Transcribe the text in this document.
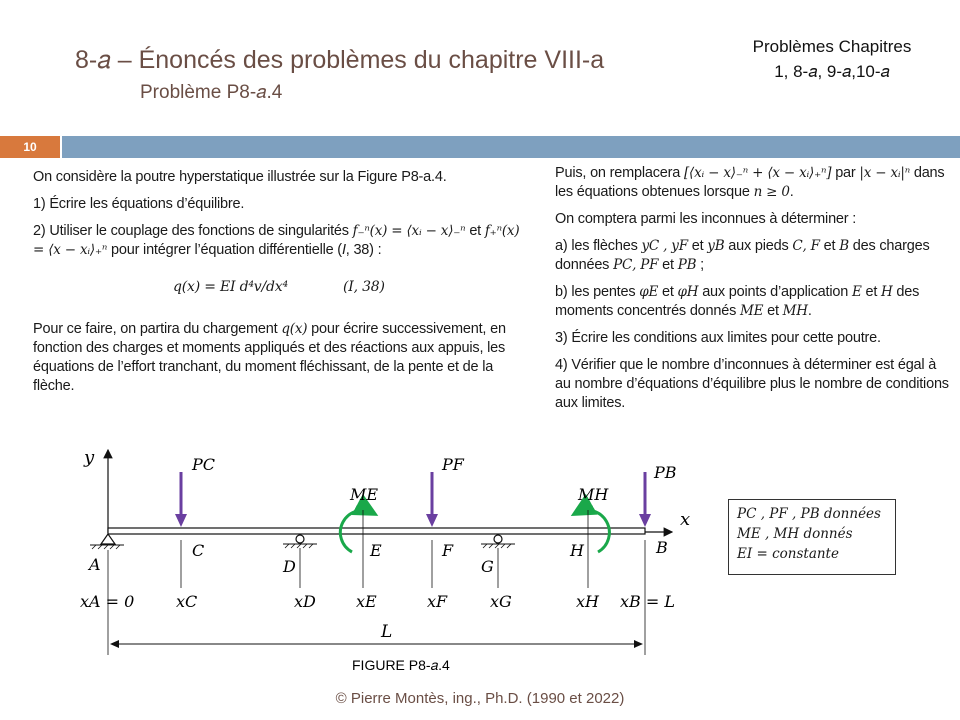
8-𝑎 – Énoncés des problèmes du chapitre VIII-a
Problème P8-𝑎.4
Problèmes Chapitres
1, 8-𝑎, 9-𝑎,10-𝑎
10

On considère la poutre hyperstatique illustrée sur la Figure P8-a.4.

1) Écrire les équations d’équilibre.

2) Utiliser le couplage des fonctions de singularités 𝑓₋ⁿ(𝑥) = ⟨𝑥ᵢ − 𝑥⟩₋ⁿ et 𝑓₊ⁿ(𝑥) = ⟨𝑥 − 𝑥ᵢ⟩₊ⁿ pour intégrer l’équation différentielle (I, 38) :

𝑞(𝑥) = 𝐸𝐼 d⁴𝑣/d𝑥⁴	(𝐼, 38)

Pour ce faire, on partira du chargement 𝑞(𝑥) pour écrire successivement, en fonction des charges et moments appliqués et des réactions aux appuis, les équations de l’effort tranchant, du moment fléchissant, de la pente et de la flèche.

Puis, on remplacera [⟨𝑥ᵢ − 𝑥⟩₋ⁿ + ⟨𝑥 − 𝑥ᵢ⟩₊ⁿ] par |𝑥 − 𝑥ᵢ|ⁿ dans les équations obtenues lorsque 𝑛 ≥ 0.

On comptera parmi les inconnues à déterminer :

a) les flèches 𝑦𝐶 , 𝑦𝐹 et 𝑦𝐵 aux pieds 𝐶, 𝐹 et 𝐵 des charges données 𝑃𝐶, 𝑃𝐹 et 𝑃𝐵 ;

b) les pentes 𝜑𝐸 et 𝜑𝐻 aux points d’application 𝐸 et 𝐻 des moments concentrés donnés 𝑀𝐸 et 𝑀𝐻.

3) Écrire les conditions aux limites pour cette poutre.

4) Vérifier que le nombre d’inconnues à déterminer est égal à au nombre d’équations d’équilibre plus le nombre de conditions aux limites.

𝑦
𝑥
𝑃𝐶	𝑃𝐹	𝑃𝐵
𝑀𝐸	𝑀𝐻
𝐴
𝐶
𝐷
𝐸	𝐹
𝐺
𝐻	𝐵
𝑥𝐴 = 0	𝑥𝐶	𝑥𝐷	𝑥𝐸	𝑥𝐹	𝑥𝐺	𝑥𝐻 𝑥𝐵 = 𝐿
𝐿
FIGURE P8-𝑎.4
𝑃𝐶 , 𝑃𝐹 , 𝑃𝐵 données
𝑀𝐸 , 𝑀𝐻 donnés
𝐸𝐼 = constante
© Pierre Montès, ing., Ph.D. (1990 et 2022)
